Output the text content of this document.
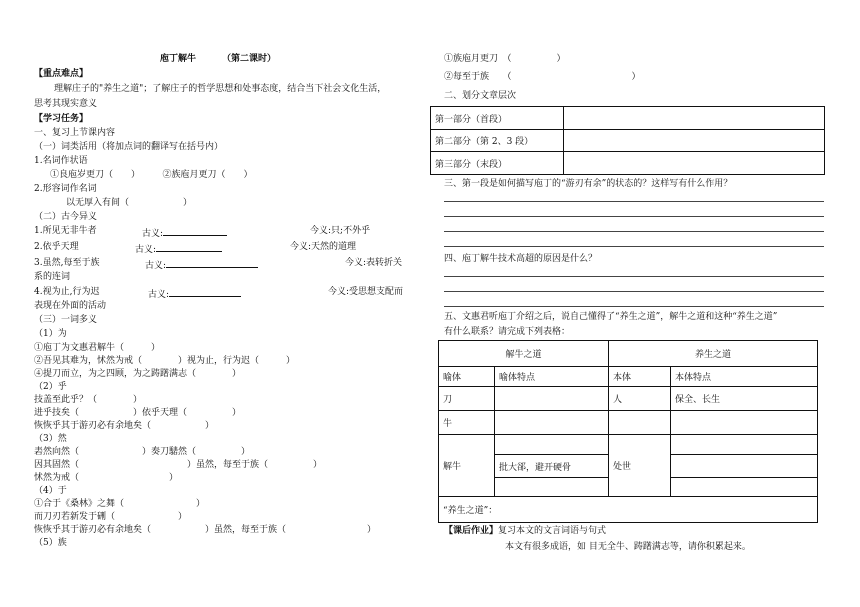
庖丁解牛	（第二课时）
【重点难点】
理解庄子的"养生之道"；了解庄子的哲学思想和处事态度，结合当下社会文化生活，
思考其现实意义
【学习任务】
一、复习上节课内容
（一）词类活用（将加点词的翻译写在括号内）
1.名词作状语
①良庖岁更刀（　　）　　　②族庖月更刀（　　）
2.形容词作名词
以无厚入有间（　　　　　　）
（二）古今异义
1.所见无非牛者	古义:	今义:只;不外乎
2.依乎天理	古义:	今义:天然的道理
3.虽然,每至于族	古义:	今义:表转折关
系的连词
4.视为止,行为迟	古义:	今义:受思想支配而
表现在外面的活动
（三）一词多义
（1）为
①庖丁为文惠君解牛（　　　）
②吾见其难为，怵然为戒（　　　　）视为止，行为迟（　　　）
④提刀而立，为之四顾，为之踌躇满志（　　　　）
（2）乎
技盖至此乎？（　　　　）
进乎技矣（　　　　　　）依乎天理（　　　　　）
恢恢乎其于游刃必有余地矣（　　　　　　）
（3）然
砉然向然（　　　　　　　）奏刀騞然（　　　　　）
因其固然（　　　　　　　　　　　　）虽然，每至于族（　　　　　）
怵然为戒（　　　　　　　　　　）
（4）于
①合于《桑林》之舞（　　　　　　　　）
而刀刃若新发于硎（　　　　　　　）
恢恢乎其于游刃必有余地矣（　　　　　　）虽然，每至于族（　　　　　　　　　）
（5）族
①族庖月更刀　（　　　　　）
②每至于族　　（	）
二、划分文章层次
第一部分（首段）	
第二部分（第 2、3 段）	
第三部分（末段）	
三、第一段是如何描写庖丁的“游刃有余”的状态的？这样写有什么作用？
四、庖丁解牛技术高超的原因是什么？
五、文惠君听庖丁介绍之后，说自己懂得了“养生之道”，解牛之道和这种“养生之道”
有什么联系？请完成下列表格：
解牛之道		养生之道	
喻体	喻体特点	本体	本体特点
刀		人	保全、长生
牛			
解牛		处世	
	批大郤，避开硬骨		

“养生之道”：			
【课后作业】复习本文的文言词语与句式
本文有很多成语，如 目无全牛、踌躇满志等，请你积累起来。
